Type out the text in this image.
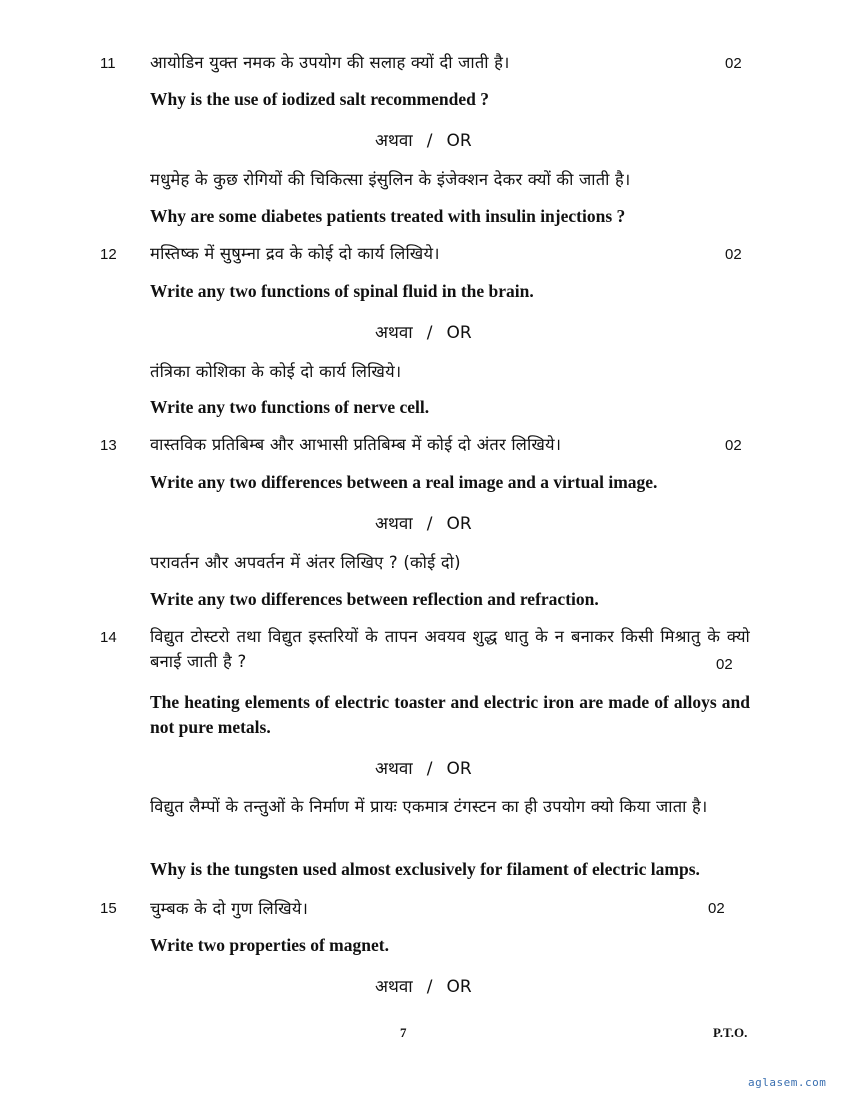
11 आयोडिन युक्त नमक के उपयोग की सलाह क्यों दी जाती है।	02
Why is the use of iodized salt recommended ?
अथवा / OR
मधुमेह के कुछ रोगियों की चिकित्सा इंसुलिन के इंजेक्शन देकर क्यों की जाती है।
Why are some diabetes patients treated with insulin injections ?
12 मस्तिष्क में सुषुम्ना द्रव के कोई दो कार्य लिखिये।	02
Write any two functions of spinal fluid in the brain.
अथवा / OR
तंत्रिका कोशिका के कोई दो कार्य लिखिये।
Write any two functions of nerve cell.
13 वास्तविक प्रतिबिम्ब और आभासी प्रतिबिम्ब में कोई दो अंतर लिखिये।	02
Write any two differences between a real image and a virtual image.
अथवा / OR
परावर्तन और अपवर्तन में अंतर लिखिए ? (कोई दो)
Write any two differences between reflection and refraction.
14 विद्युत टोस्टरो तथा विद्युत इस्तरियों के तापन अवयव शुद्ध धातु के न बनाकर किसी मिश्रातु के क्यो बनाई जाती है ?	02
The heating elements of electric toaster and electric iron are made of alloys and not pure metals.
अथवा / OR
विद्युत लैम्पों के तन्तुओं के निर्माण में प्रायः एकमात्र टंगस्टन का ही उपयोग क्यो किया जाता है।
Why is the tungsten used almost exclusively for filament of electric lamps.
15 चुम्बक के दो गुण लिखिये।	02
Write two properties of magnet.
अथवा / OR
7	P.T.O.
aglasem.com
